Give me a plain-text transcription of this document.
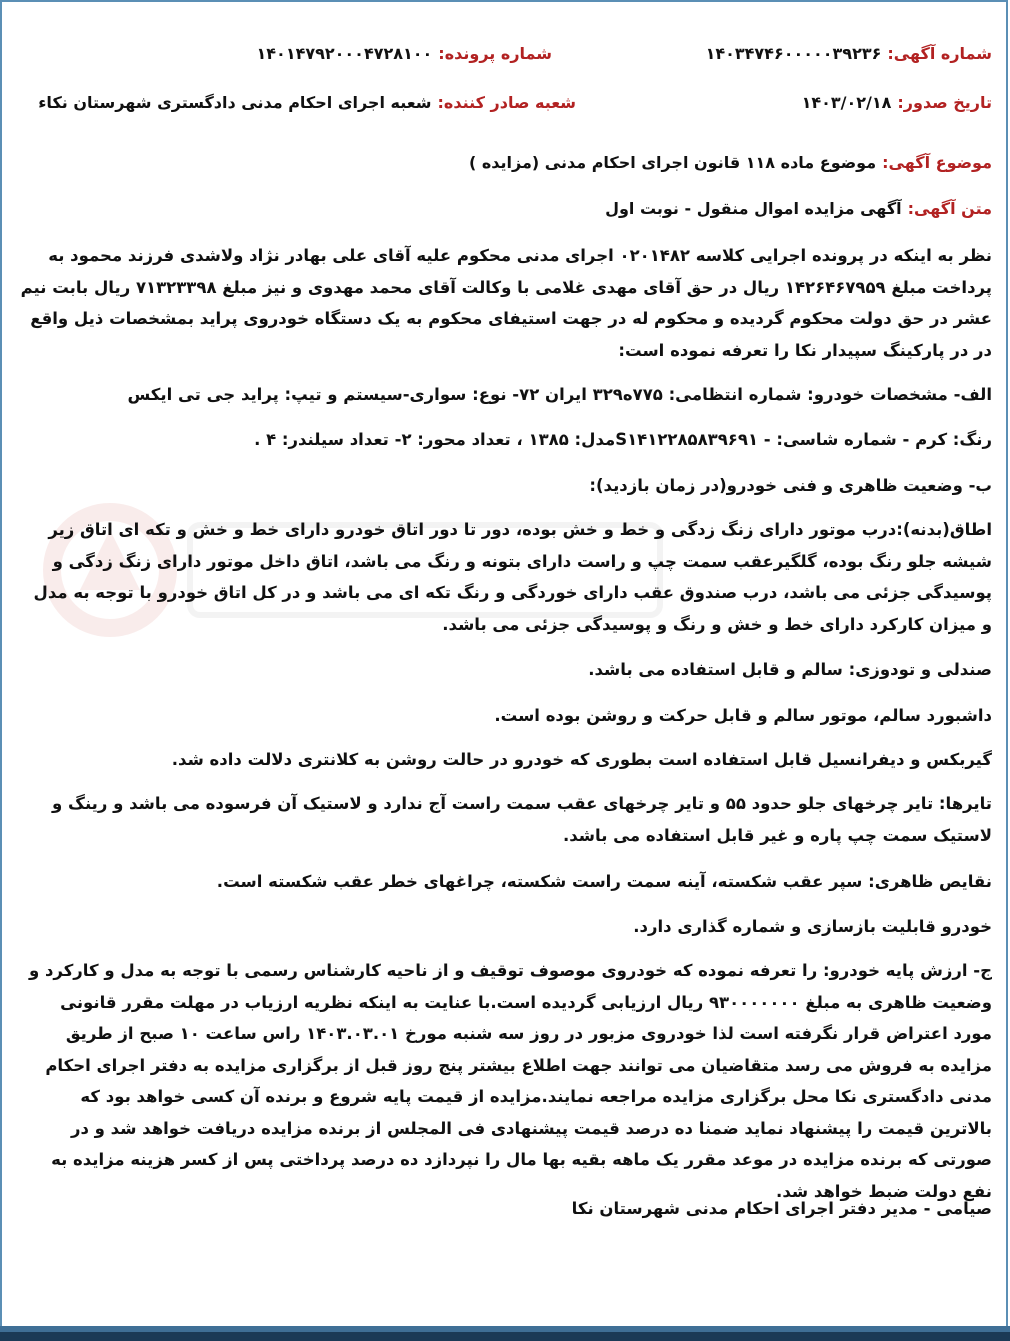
شماره آگهی:۱۴۰۳۴۷۴۶۰۰۰۰۰۳۹۲۳۶
شماره پرونده:۱۴۰۱۴۷۹۲۰۰۰۴۷۲۸۱۰۰
تاریخ صدور:۱۴۰۳/۰۲/۱۸
شعبه صادر کننده:شعبه اجرای احکام مدنی دادگستری شهرستان نکاء
موضوع آگهی:موضوع ماده ۱۱۸ قانون اجرای احکام مدنی (مزایده )
متن آگهی:آگهی مزایده اموال منقول - نوبت اول

نظر به اینکه در پرونده اجرایی کلاسه ۰۲۰۱۴۸۲ اجرای مدنی محکوم علیه آقای علی بهادر نژاد ولاشدی فرزند محمود به پرداخت مبلغ ۱۴۲۶۴۶۷۹۵۹ ریال در حق آقای مهدی غلامی با وکالت آقای محمد مهدوی و نیز مبلغ ۷۱۳۲۳۳۹۸ ریال بابت نیم عشر در حق دولت محکوم گردیده و محکوم له در جهت استیفای محکوم به یک دستگاه خودروی پراید بمشخصات ذیل واقع در در پارکینگ سپیدار نکا را تعرفه نموده است:

الف- مشخصات خودرو: شماره انتظامی: ۷۷۵ه۳۲۹ ایران ۷۲- نوع: سواری-سیستم و تیپ: پراید جی تی ایکس

رنگ: کرم - شماره شاسی: - S۱۴۱۲۲۸۵۸۳۹۶۹۱مدل: ۱۳۸۵ ، تعداد محور: ۲- تعداد سیلندر: ۴ .

ب- وضعیت ظاهری و فنی خودرو(در زمان بازدید):

اطاق(بدنه):درب موتور دارای زنگ زدگی و خط و خش بوده، دور تا دور اتاق خودرو دارای خط و خش و تکه ای اتاق زیر شیشه جلو رنگ بوده، گلگیرعقب سمت چپ و راست دارای بتونه و رنگ می باشد، اتاق داخل موتور دارای زنگ زدگی و پوسیدگی جزئی می باشد، درب صندوق عقب دارای خوردگی و رنگ تکه ای می باشد و در کل اتاق خودرو با توجه به مدل و میزان کارکرد دارای خط و خش و رنگ و پوسیدگی جزئی می باشد.

صندلی و تودوزی: سالم و قابل استفاده می باشد.

داشبورد سالم، موتور سالم و قابل حرکت و روشن بوده است.

گیربکس و دیفرانسیل قابل استفاده است بطوری که خودرو در حالت روشن به کلانتری دلالت داده شد.

تایرها: تایر چرخهای جلو حدود ۵۵ و تایر چرخهای عقب سمت راست آج ندارد و لاستیک آن فرسوده می باشد و رینگ و لاستیک سمت چپ پاره و غیر قابل استفاده می باشد.

نقایص ظاهری: سپر عقب شکسته، آینه سمت راست شکسته، چراغهای خطر عقب شکسته است.

خودرو قابلیت بازسازی و شماره گذاری دارد.

ج- ارزش پایه خودرو: را تعرفه نموده که خودروی موصوف توقیف و از ناحیه کارشناس رسمی با توجه به مدل و کارکرد و وضعیت ظاهری به مبلغ ۹۳۰۰۰۰۰۰۰ ریال ارزیابی گردیده است.با عنایت به اینکه نظریه ارزیاب در مهلت مقرر قانونی مورد اعتراض قرار نگرفته است لذا خودروی مزبور در روز سه شنبه مورخ ۱۴۰۳.۰۳.۰۱ راس ساعت ۱۰ صبح از طریق مزایده به فروش می رسد متقاضیان می توانند جهت اطلاع بیشتر پنج روز قبل از برگزاری مزایده به دفتر اجرای احکام مدنی دادگستری نکا محل برگزاری مزایده مراجعه نمایند.مزایده از قیمت پایه شروع و برنده آن کسی خواهد بود که بالاترین قیمت را پیشنهاد نماید ضمنا ده درصد قیمت پیشنهادی فی المجلس از برنده مزایده دریافت خواهد شد و در صورتی که برنده مزایده در موعد مقرر یک ماهه بقیه بها مال را نپردازد ده درصد پرداختی پس از کسر هزینه مزایده به نفع دولت ضبط خواهد شد.

صیامی - مدیر دفتر اجرای احکام مدنی شهرستان نکا
